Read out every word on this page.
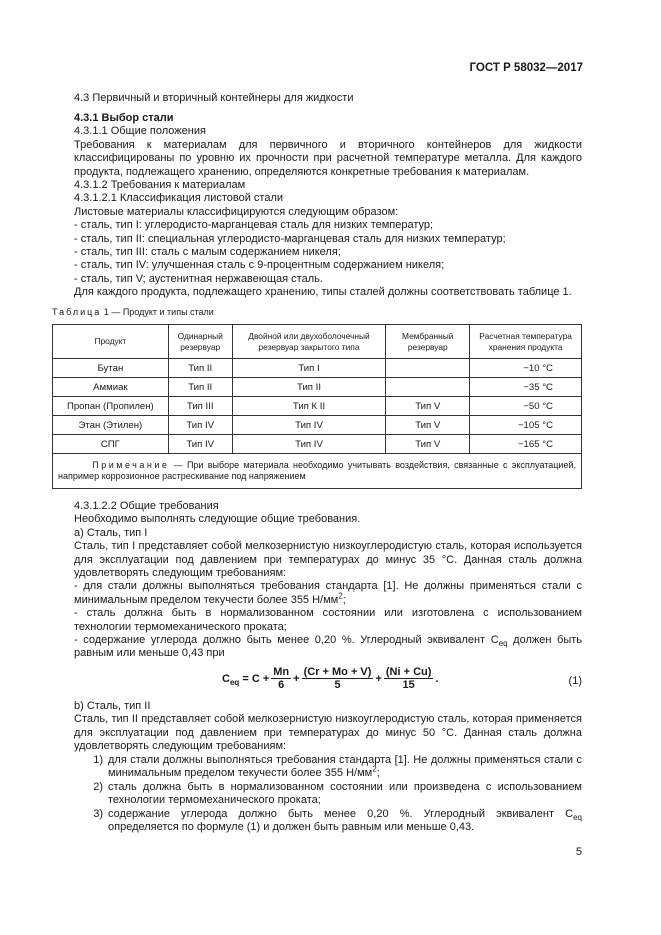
ГОСТ Р 58032—2017
4.3 Первичный и вторичный контейнеры для жидкости

4.3.1 Выбор стали

4.3.1.1 Общие положения

Требования к материалам для первичного и вторичного контейнеров для жидкости классифицированы по уровню их прочности при расчетной температуре металла. Для каждого продукта, подлежащего хранению, определяются конкретные требования к материалам.

4.3.1.2 Требования к материалам

4.3.1.2.1 Классификация листовой стали

Листовые материалы классифицируются следующим образом:

- сталь, тип I: углеродисто-марганцевая сталь для низких температур;

- сталь, тип II: специальная углеродисто-марганцевая сталь для низких температур;

- сталь, тип III: сталь с малым содержанием никеля;

- сталь, тип IV: улучшенная сталь с 9-процентным содержанием никеля;

- сталь, тип V; аустенитная нержавеющая сталь.

Для каждого продукта, подлежащего хранению, типы сталей должны соответствовать таблице 1.

Таблица 1 — Продукт и типы стали
Продукт	Одинарный резервуар	Двойной или двухоболочечный резервуар закрытого типа	Мембранный резервуар	Расчетная температура хранения продукта
Бутан	Тип II	Тип I		−10 °C
Аммиак	Тип II	Тип II		−35 °C
Пропан (Пропилен)	Тип III	Тип К II	Тип V	−50 °C
Этан (Этилен)	Тип IV	Тип IV	Тип V	−105 °C
СПГ	Тип IV	Тип IV	Тип V	−165 °C
Примечание — При выборе материала необходимо учитывать воздействия, связанные с эксплуатацией, например коррозионное растрескивание под напряжением				

4.3.1.2.2 Общие требования

Необходимо выполнять следующие общие требования.

а) Сталь, тип I

Сталь, тип I представляет собой мелкозернистую низкоуглеродистую сталь, которая используется для эксплуатации под давлением при температурах до минус 35 °C. Данная сталь должна удовлетворять следующим требованиям:

- для стали должны выполняться требования стандарта [1]. Не должны применяться стали с минимальным пределом текучести более 355 $Н/мм^2$;

- сталь должна быть в нормализованном состоянии или изготовлена с использованием технологии термомеханического проката;

- содержание углерода должно быть менее 0,20 %. Углеродный эквивалент $C_{eq}$ должен быть равным или меньше 0,43 при

$C_{eq}$
= $C + \frac{Mn}{6} + \frac{(Cr + Mo + V)}{5} + \frac{(Ni + Cu)}{15}$ .	(1)

b) Сталь, тип II

Сталь, тип II представляет собой мелкозернистую низкоуглеродистую сталь, которая применяется для эксплуатации под давлением при температурах до минус 50 °C. Данная сталь должна удовлетворять следующим требованиям:

1) для стали должны выполняться требования стандарта [1]. Не должны применяться стали с минимальным пределом текучести более 355 $Н/мм^2$;
2) сталь должна быть в нормализованном состоянии или произведена с использованием технологии термомеханического проката;
3) содержание углерода должно быть менее 0,20 %. Углеродный эквивалент $C_{eq}$ определяется по формуле (1) и должен быть равным или меньше 0,43.
5
